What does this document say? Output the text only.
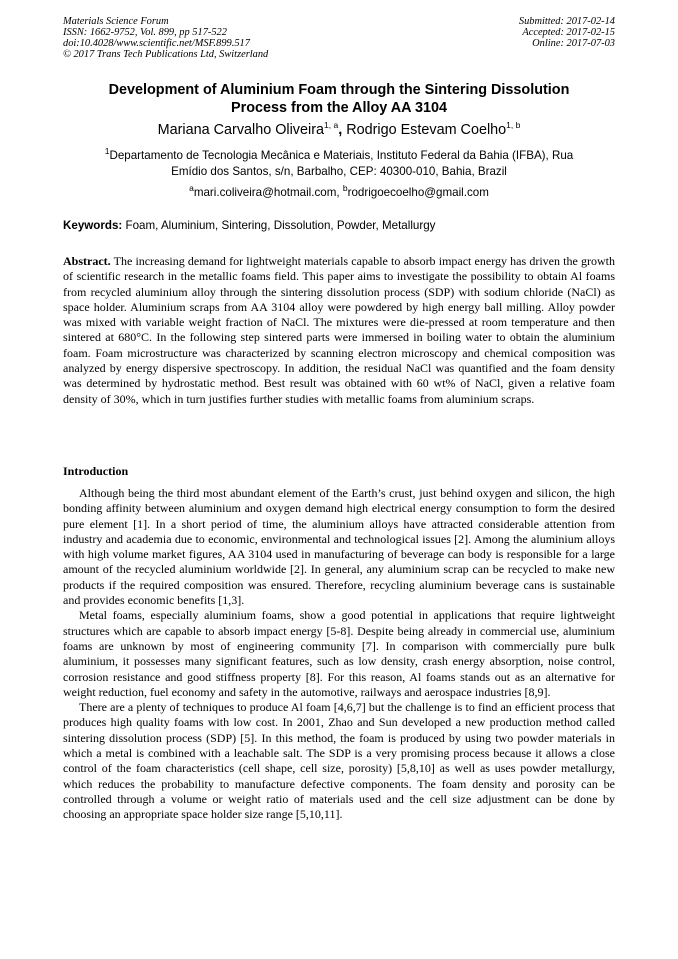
Materials Science Forum
ISSN: 1662-9752, Vol. 899, pp 517-522
doi:10.4028/www.scientific.net/MSF.899.517
© 2017 Trans Tech Publications Ltd, Switzerland
Submitted: 2017-02-14
Accepted: 2017-02-15
Online: 2017-07-03
Development of Aluminium Foam through the Sintering Dissolution
Process from the Alloy AA 3104
Mariana Carvalho Oliveira$^{1, a}$, Rodrigo Estevam Coelho$^{1, b}$
$^1$Departamento de Tecnologia Mecânica e Materiais, Instituto Federal da Bahia (IFBA), Rua
Emídio dos Santos, s/n, Barbalho, CEP: 40300-010, Bahia, Brazil
$^a$mari.coliveira@hotmail.com, $^b$rodrigoecoelho@gmail.com
Keywords: Foam, Aluminium, Sintering, Dissolution, Powder, Metallurgy
Abstract. The increasing demand for lightweight materials capable to absorb impact energy has driven the growth of scientific research in the metallic foams field. This paper aims to investigate the possibility to obtain Al foams from recycled aluminium alloy through the sintering dissolution process (SDP) with sodium chloride (NaCl) as space holder. Aluminium scraps from AA 3104 alloy were powdered by high energy ball milling. Alloy powder was mixed with variable weight fraction of NaCl. The mixtures were die-pressed at room temperature and then sintered at 680°C. In the following step sintered parts were immersed in boiling water to obtain the aluminium foam. Foam microstructure was characterized by scanning electron microscopy and chemical composition was analyzed by energy dispersive spectroscopy. In addition, the residual NaCl was quantified and the foam density was determined by hydrostatic method. Best result was obtained with 60 wt% of NaCl, given a relative foam density of 30%, which in turn justifies further studies with metallic foams from aluminium scraps.
Introduction

Although being the third most abundant element of the Earth’s crust, just behind oxygen and silicon, the high bonding affinity between aluminium and oxygen demand high electrical energy consumption to form the desired pure element [1]. In a short period of time, the aluminium alloys have attracted considerable attention from industry and academia due to economic, environmental and technological issues [2]. Among the aluminium alloys with high volume market figures, AA 3104 used in manufacturing of beverage can body is responsible for a large amount of the recycled aluminium worldwide [2]. In general, any aluminium scrap can be recycled to make new products if the required composition was ensured. Therefore, recycling aluminium beverage cans is sustainable and provides economic benefits [1,3].

Metal foams, especially aluminium foams, show a good potential in applications that require lightweight structures which are capable to absorb impact energy [5-8]. Despite being already in commercial use, aluminium foams are unknown by most of engineering community [7]. In comparison with commercially pure bulk aluminium, it possesses many significant features, such as low density, crash energy absorption, noise control, corrosion resistance and good stiffness property [8]. For this reason, Al foams stands out as an alternative for weight reduction, fuel economy and safety in the automotive, railways and aerospace industries [8,9].

There are a plenty of techniques to produce Al foam [4,6,7] but the challenge is to find an efficient process that produces high quality foams with low cost. In 2001, Zhao and Sun developed a new production method called sintering dissolution process (SDP) [5]. In this method, the foam is produced by using two powder materials in which a metal is combined with a leachable salt. The SDP is a very promising process because it allows a close control of the foam characteristics (cell shape, cell size, porosity) [5,8,10] as well as uses powder metallurgy, which reduces the probability to manufacture defective components. The foam density and porosity can be controlled through a volume or weight ratio of materials used and the cell size adjustment can be done by choosing an appropriate space holder size range [5,10,11].
